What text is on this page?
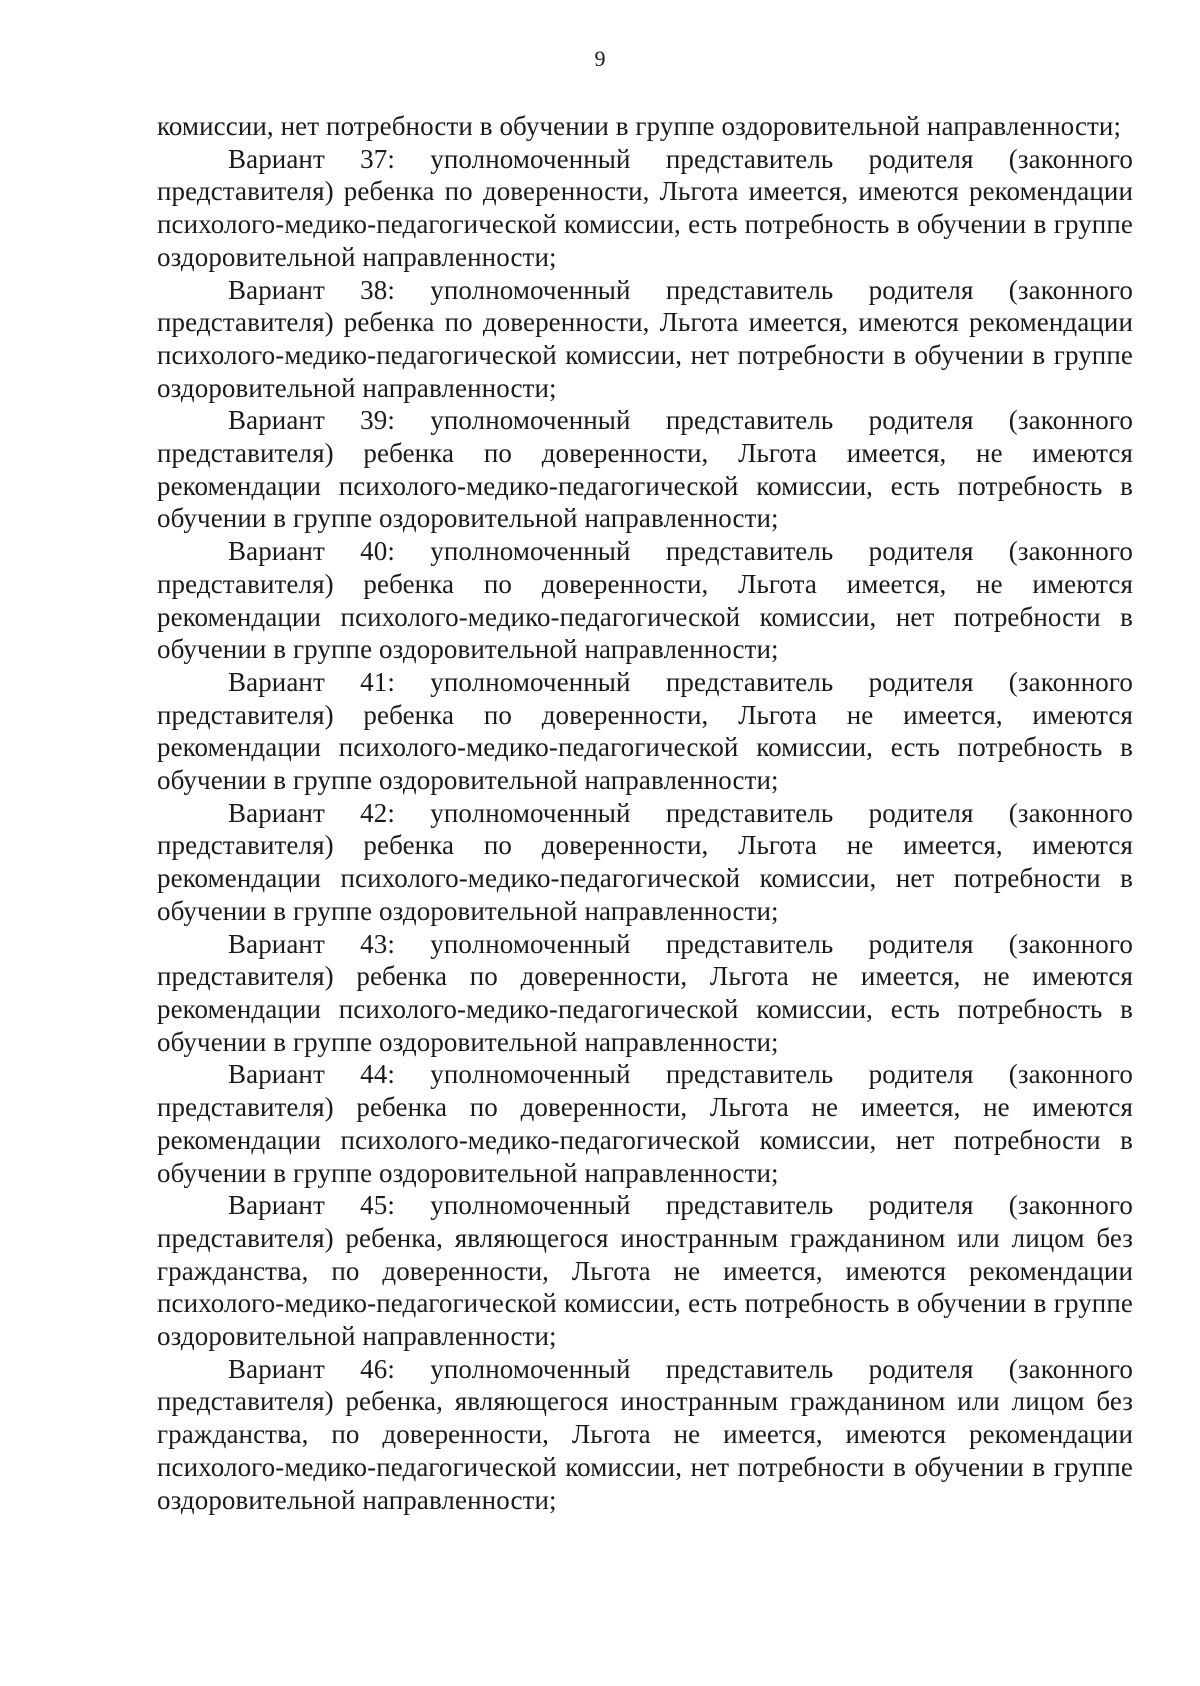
9

комиссии, нет потребности в обучении в группе оздоровительной направленности;

Вариант 37: уполномоченный представитель родителя (законного представителя) ребенка по доверенности, Льгота имеется, имеются рекомендации психолого-медико-педагогической комиссии, есть потребность в обучении в группе оздоровительной направленности;

Вариант 38: уполномоченный представитель родителя (законного представителя) ребенка по доверенности, Льгота имеется, имеются рекомендации психолого-медико-педагогической комиссии, нет потребности в обучении в группе оздоровительной направленности;

Вариант 39: уполномоченный представитель родителя (законного представителя) ребенка по доверенности, Льгота имеется, не имеются рекомендации психолого-медико-педагогической комиссии, есть потребность в обучении в группе оздоровительной направленности;

Вариант 40: уполномоченный представитель родителя (законного представителя) ребенка по доверенности, Льгота имеется, не имеются рекомендации психолого-медико-педагогической комиссии, нет потребности в обучении в группе оздоровительной направленности;

Вариант 41: уполномоченный представитель родителя (законного представителя) ребенка по доверенности, Льгота не имеется, имеются рекомендации психолого-медико-педагогической комиссии, есть потребность в обучении в группе оздоровительной направленности;

Вариант 42: уполномоченный представитель родителя (законного представителя) ребенка по доверенности, Льгота не имеется, имеются рекомендации психолого-медико-педагогической комиссии, нет потребности в обучении в группе оздоровительной направленности;

Вариант 43: уполномоченный представитель родителя (законного представителя) ребенка по доверенности, Льгота не имеется, не имеются рекомендации психолого-медико-педагогической комиссии, есть потребность в обучении в группе оздоровительной направленности;

Вариант 44: уполномоченный представитель родителя (законного представителя) ребенка по доверенности, Льгота не имеется, не имеются рекомендации психолого-медико-педагогической комиссии, нет потребности в обучении в группе оздоровительной направленности;

Вариант 45: уполномоченный представитель родителя (законного представителя) ребенка, являющегося иностранным гражданином или лицом без гражданства, по доверенности, Льгота не имеется, имеются рекомендации психолого-медико-педагогической комиссии, есть потребность в обучении в группе оздоровительной направленности;

Вариант 46: уполномоченный представитель родителя (законного представителя) ребенка, являющегося иностранным гражданином или лицом без гражданства, по доверенности, Льгота не имеется, имеются рекомендации психолого-медико-педагогической комиссии, нет потребности в обучении в группе оздоровительной направленности;
